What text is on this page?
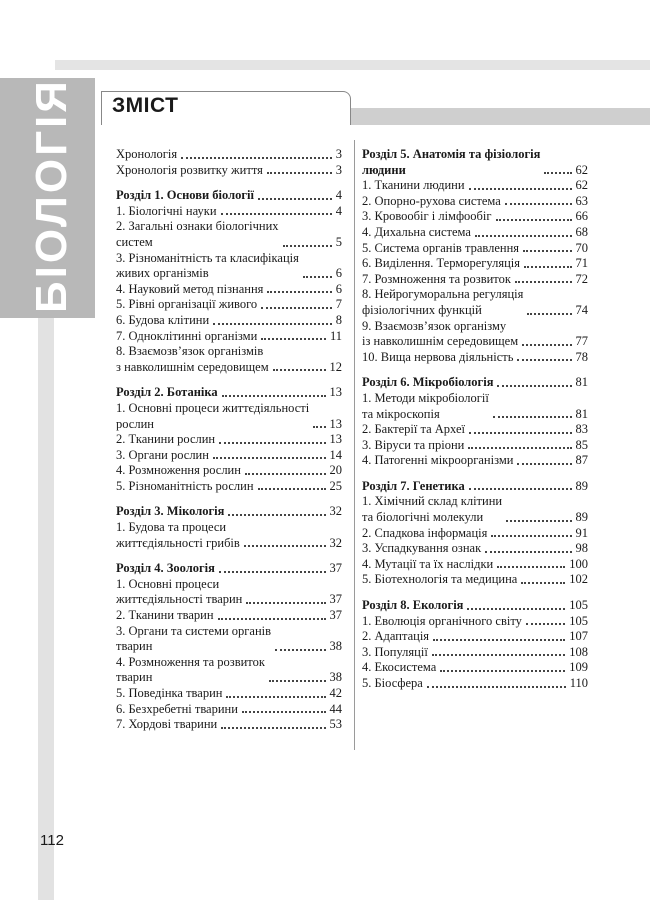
БІОЛОГІЯ ЗМІСТ
Хронологія	3
Хронологія розвитку життя	3
Розділ 1. Основи біології	4
1. Біологічні науки	4
2. Загальні ознаки біологічних
систем	5
3. Різноманітність та класифікація
живих організмів	6
4. Науковий метод пізнання	6
5. Рівні організації живого	7
6. Будова клітини	8
7. Одноклітинні організми	11
8. Взаємозв’язок організмів
з навколишнім середовищем	12
Розділ 2. Ботаніка	13
1. Основні процеси життєдіяльності
рослин	13
2. Тканини рослин	13
3. Органи рослин	14
4. Розмноження рослин	20
5. Різноманітність рослин	25
Розділ 3. Мікологія	32
1. Будова та процеси
життєдіяльності грибів	32
Розділ 4. Зоологія	37
1. Основні процеси
життєдіяльності тварин	37
2. Тканини тварин	37
3. Органи та системи органів
тварин	38
4. Розмноження та розвиток
тварин	38
5. Поведінка тварин	42
6. Безхребетні тварини	44
7. Хордові тварини	53
Розділ 5. Анатомія та фізіологія
людини	62
1. Тканини людини	62
2. Опорно-рухова система	63
3. Кровообіг і лімфообіг	66
4. Дихальна система	68
5. Система органів травлення	70
6. Виділення. Терморегуляція	71
7. Розмноження та розвиток	72
8. Нейрогуморальна регуляція
фізіологічних функцій	74
9. Взаємозв’язок організму
із навколишнім середовищем	77
10. Вища нервова діяльність	78
Розділ 6. Мікробіологія	81
1. Методи мікробіології
та мікроскопія	81
2. Бактерії та Археї	83
3. Віруси та пріони	85
4. Патогенні мікроорганізми	87
Розділ 7. Генетика	89
1. Хімічний склад клітини
та біологічні молекули	89
2. Спадкова інформація	91
3. Успадкування ознак	98
4. Мутації та їх наслідки	100
5. Біотехнологія та медицина	102
Розділ 8. Екологія	105
1. Еволюція органічного світу	105
2. Адаптація	107
3. Популяції	108
4. Екосистема	109
5. Біосфера	110
112
